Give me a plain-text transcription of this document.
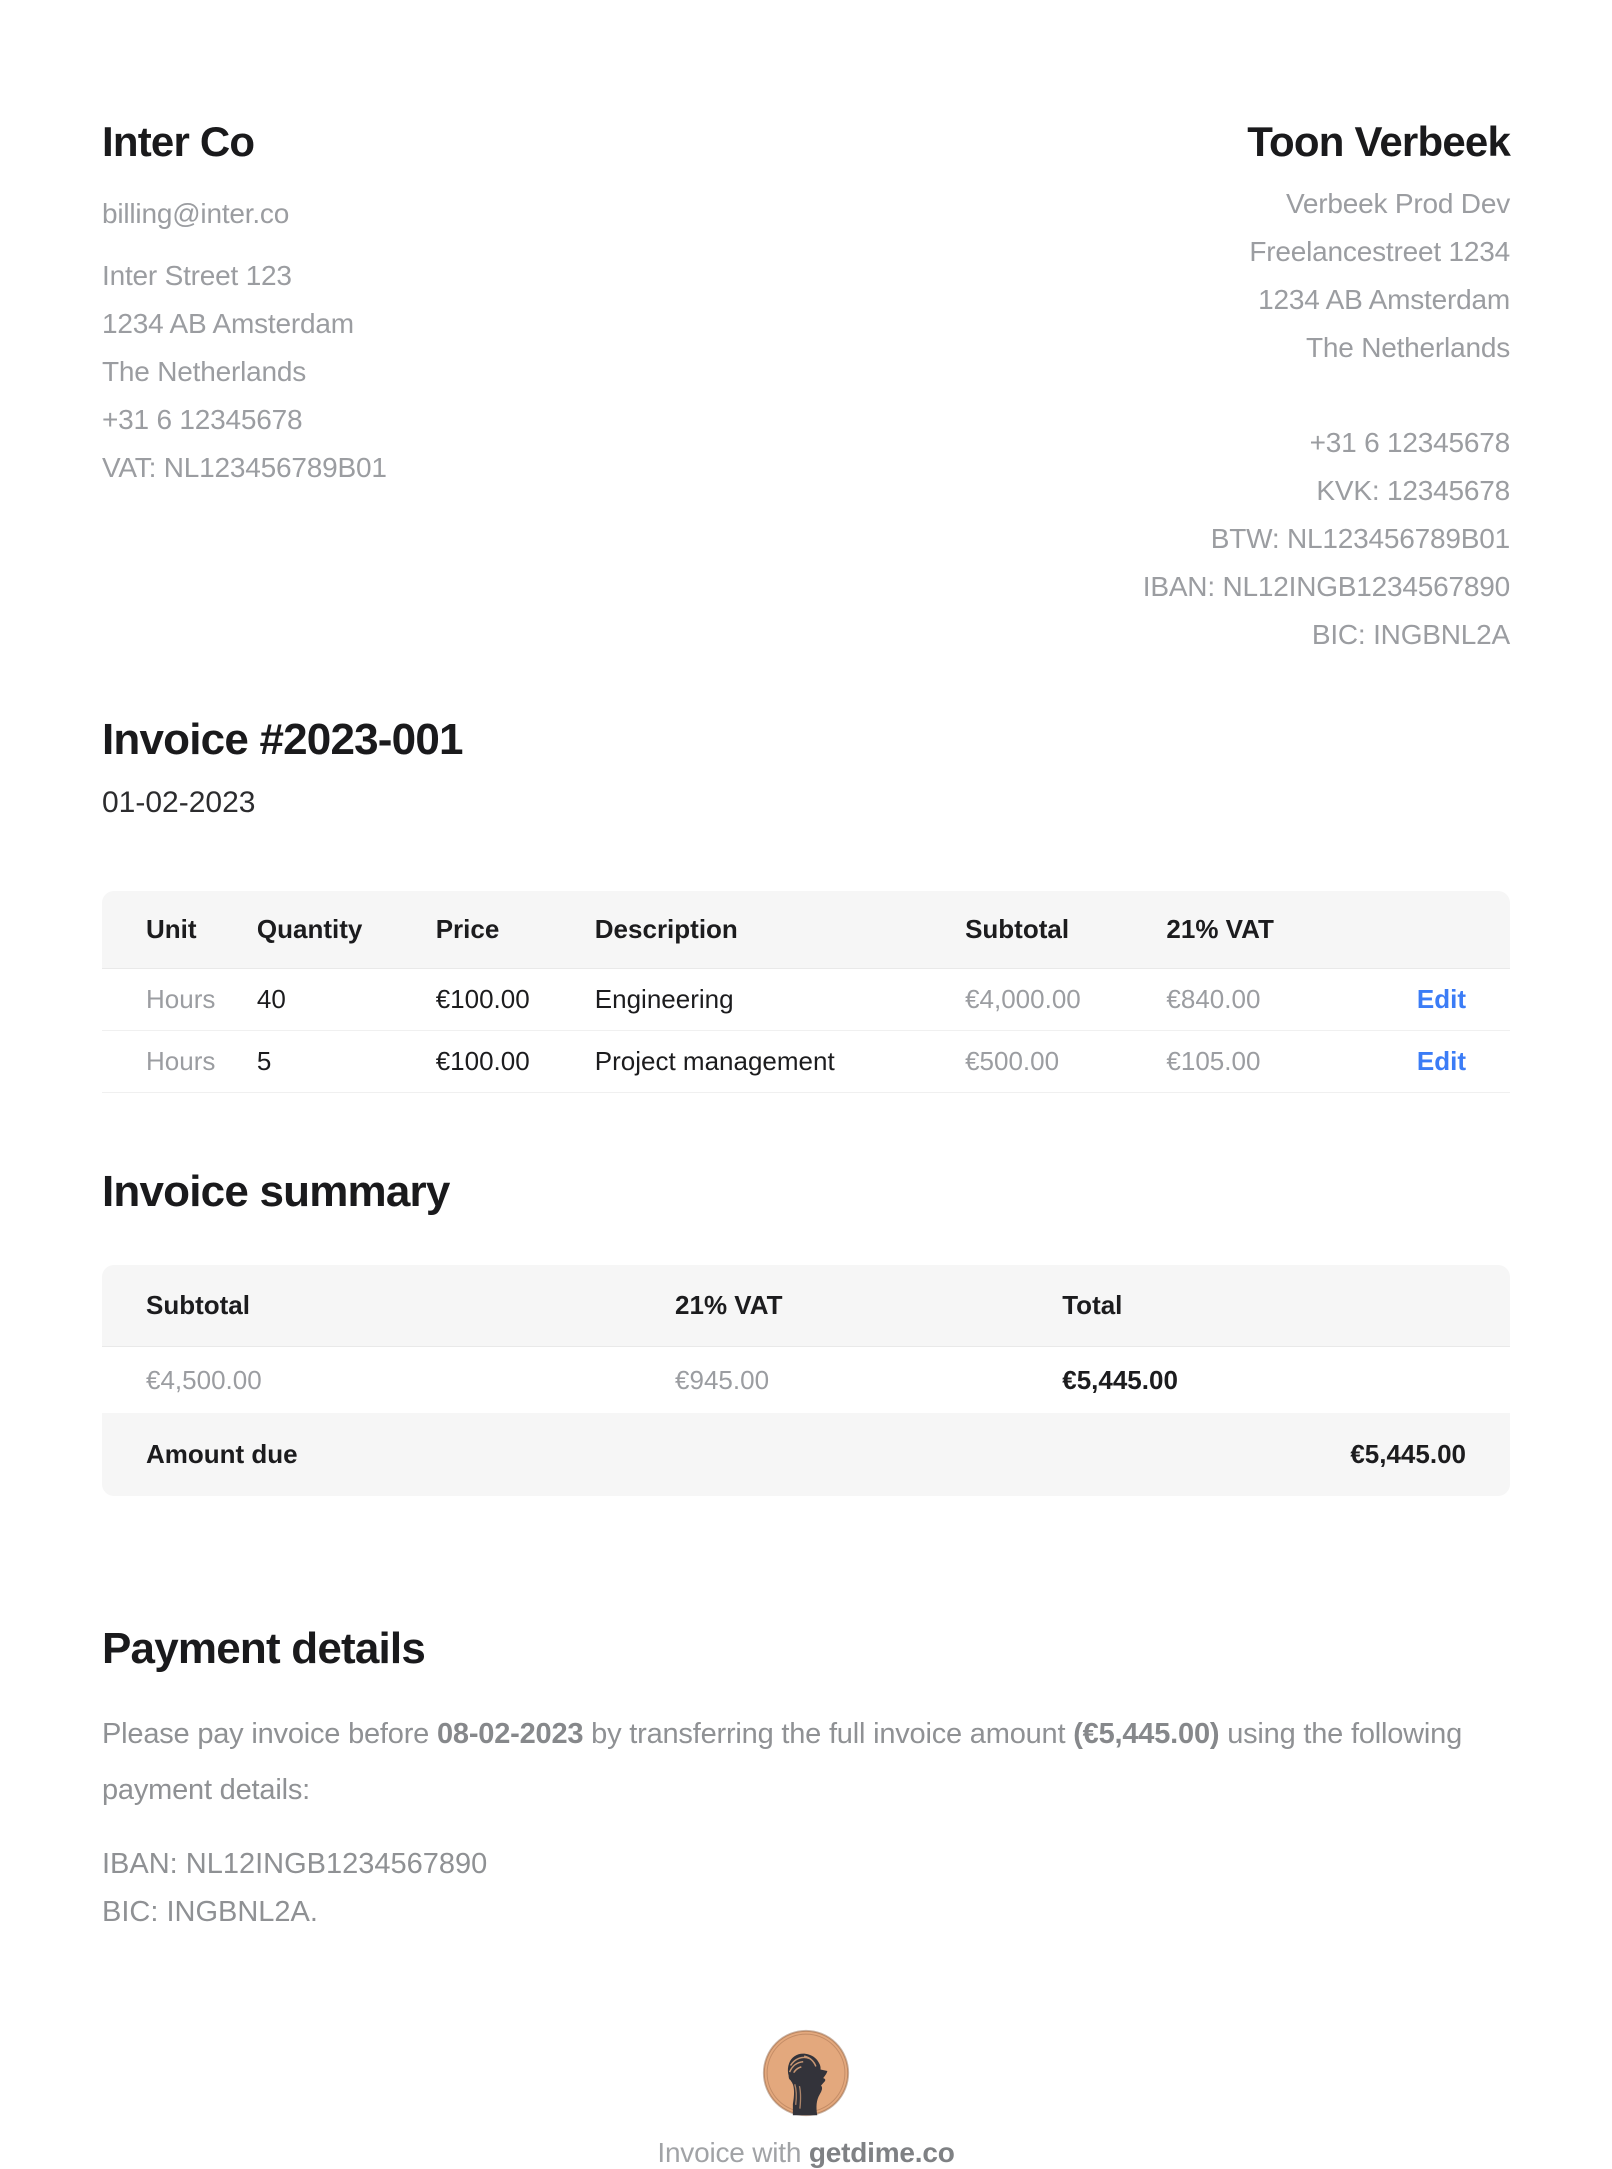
Inter Co
billing@inter.co
Inter Street 123
1234 AB Amsterdam
The Netherlands
+31 6 12345678
VAT: NL123456789B01
Toon Verbeek
Verbeek Prod Dev
Freelancestreet 1234
1234 AB Amsterdam
The Netherlands
+31 6 12345678
KVK: 12345678
BTW: NL123456789B01
IBAN: NL12INGB1234567890
BIC: INGBNL2A
Invoice #2023-001
01-02-2023
Unit	Quantity	Price	Description	Subtotal	21% VAT
Hours	40	€100.00	Engineering	€4,000.00	€840.00	Edit
Hours	5	€100.00	Project management	€500.00	€105.00	Edit
Invoice summary
Subtotal	21% VAT	Total
€4,500.00	€945.00	€5,445.00
Amount due	€5,445.00
Payment details

Please pay invoice before 08-02-2023 by transferring the full invoice amount (€5,445.00) using the following payment details:

IBAN: NL12INGB1234567890
BIC: INGBNL2A.
Invoice with getdime.co
